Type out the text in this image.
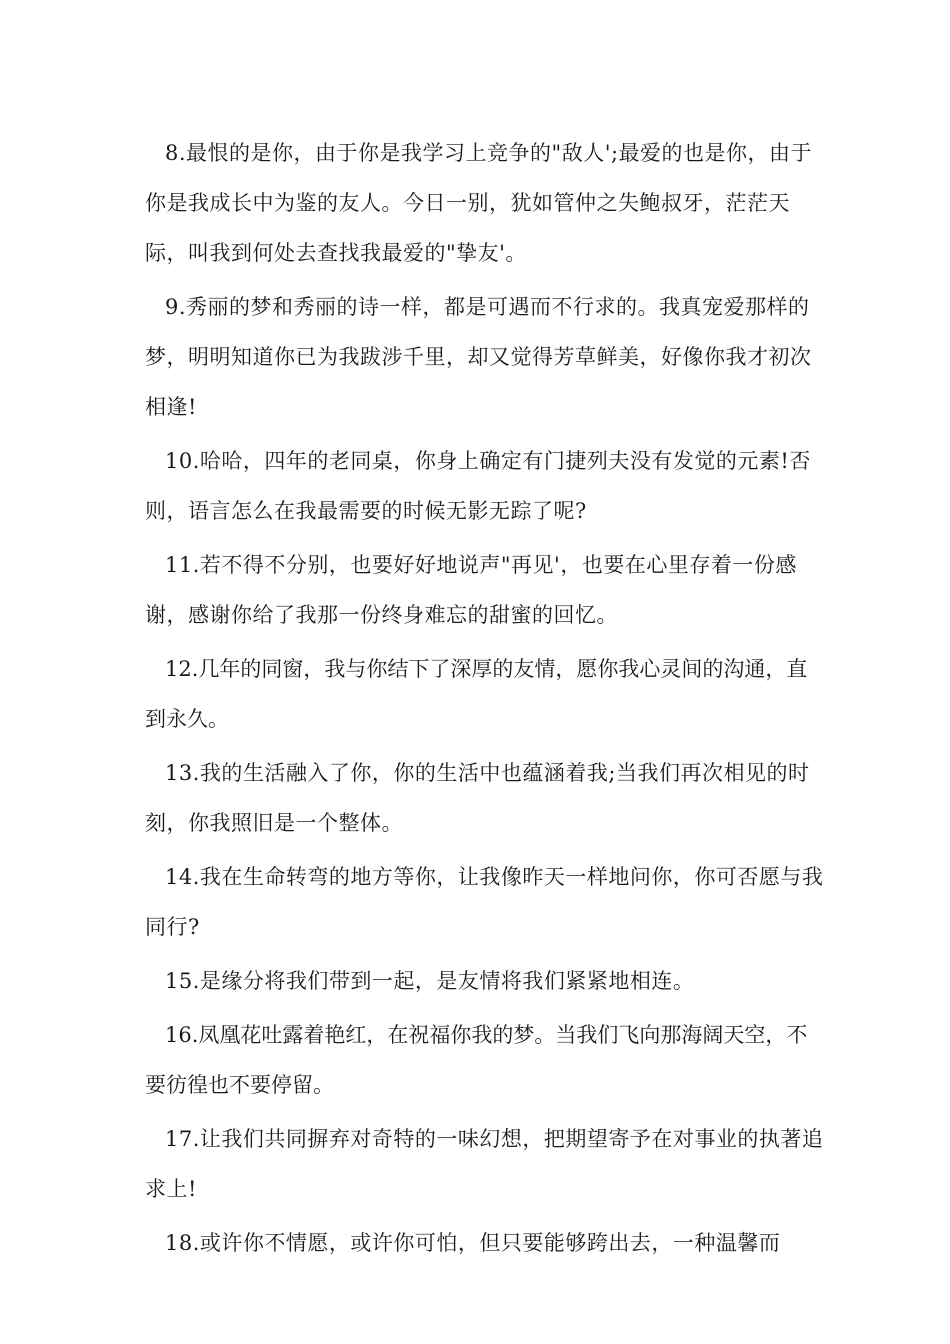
8.最恨的是你，由于你是我学习上竞争的"敌人';最爱的也是你，由于你是我成长中为鉴的友人。今日一别，犹如管仲之失鲍叔牙，茫茫天际，叫我到何处去查找我最爱的"挚友'。

9.秀丽的梦和秀丽的诗一样，都是可遇而不行求的。我真宠爱那样的梦，明明知道你已为我跋涉千里，却又觉得芳草鲜美，好像你我才初次相逢!

10.哈哈，四年的老同桌，你身上确定有门捷列夫没有发觉的元素!否则，语言怎么在我最需要的时候无影无踪了呢?

11.若不得不分别，也要好好地说声"再见'，也要在心里存着一份感谢，感谢你给了我那一份终身难忘的甜蜜的回忆。

12.几年的同窗，我与你结下了深厚的友情，愿你我心灵间的沟通，直到永久。

13.我的生活融入了你，你的生活中也蕴涵着我;当我们再次相见的时刻，你我照旧是一个整体。

14.我在生命转弯的地方等你，让我像昨天一样地问你，你可否愿与我同行?

15.是缘分将我们带到一起，是友情将我们紧紧地相连。

16.凤凰花吐露着艳红，在祝福你我的梦。当我们飞向那海阔天空，不要彷徨也不要停留。

17.让我们共同摒弃对奇特的一味幻想，把期望寄予在对事业的执著追求上!

18.或许你不情愿，或许你可怕，但只要能够跨出去，一种温馨而
